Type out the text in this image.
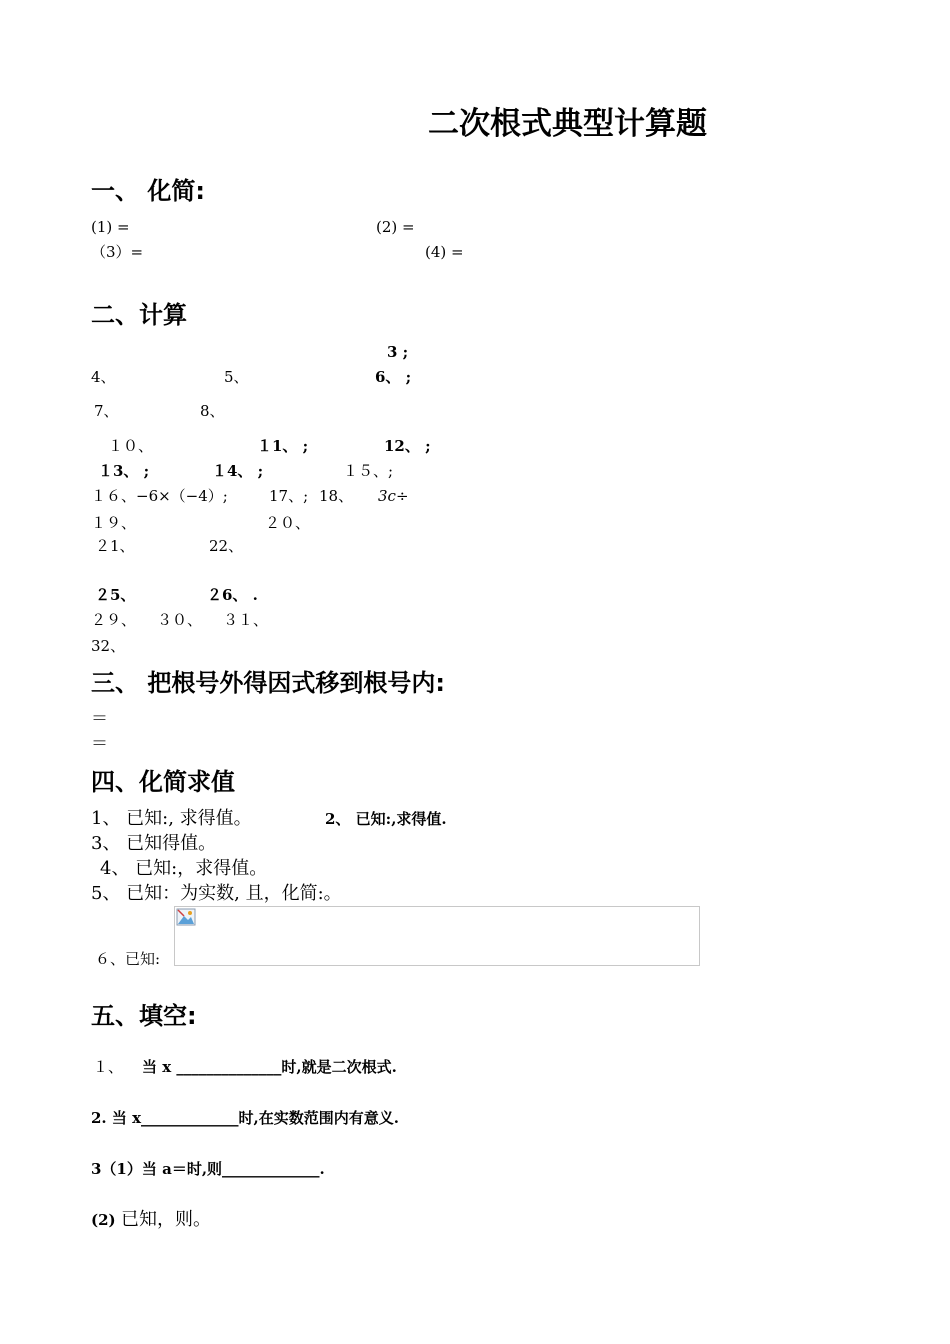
二次根式典型计算题
一、 化简:
(1) =	(2) =
（3）=	(4) =
二、计算
3 ;
4、	5、	6、 ;
7、	8、
１０、	１1、 ;	12、 ;
１3、 ;	１4、 ;	１５、;
１６、−6×（−4）;	17、; 18、 3c÷
１９、	２０、
２1、	22、
２5、	２6、 .
２９、 ３０、 ３１、
32、
三、 把根号外得因式移到根号内:
＝
＝
四、化简求值
1、 已知:, 求得值。	2、 已知:,求得值.
3、 已知得值。
4、 已知:，求得值。
5、 已知：为实数, 且，化简:。
６、已知:
五、填空:
１、 当 x ______________时,就是二次根式.
2. 当 x_____________时,在实数范围内有意义.
3（1）当 a＝时,则_____________.
(2) 已知，则。
